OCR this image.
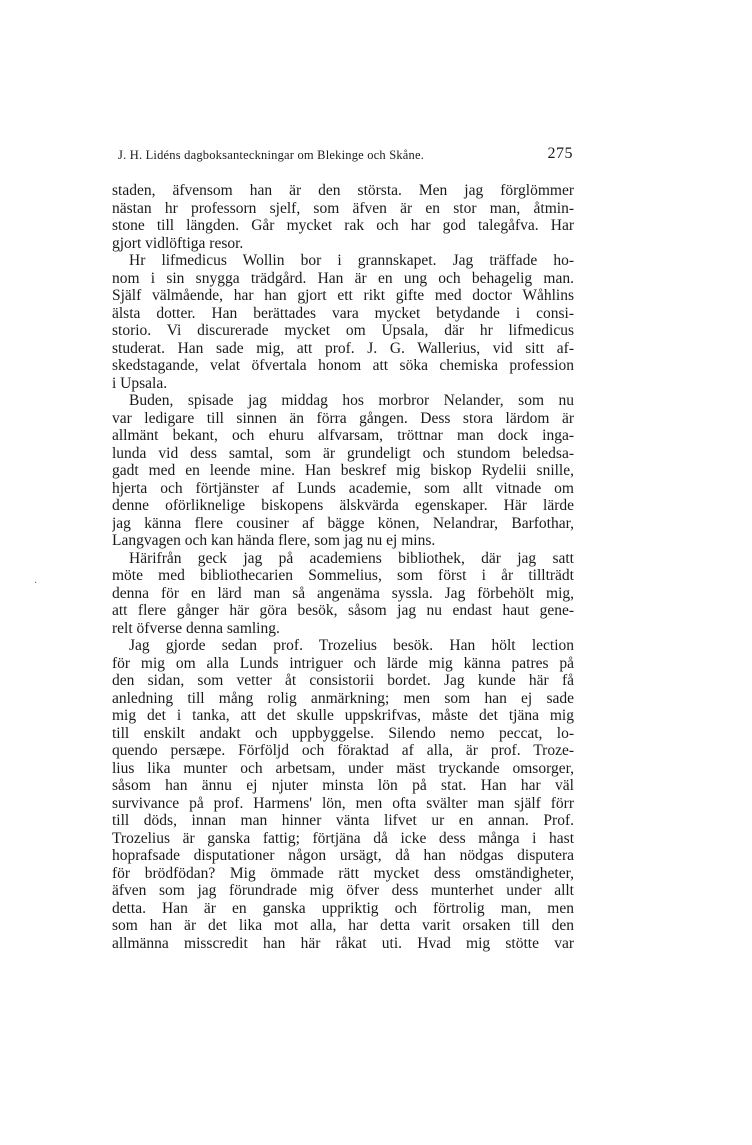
J. H. Lidéns dagboksanteckningar om Blekinge och Skåne.	275
·
staden, äfvensom han är den största. Men jag förglömmer
nästan hr professorn sjelf, som äfven är en stor man, åtmin-
stone till längden. Går mycket rak och har god talegåfva. Har
gjort vidlöftiga resor.
Hr lifmedicus Wollin bor i grannskapet. Jag träffade ho-
nom i sin snygga trädgård. Han är en ung och behagelig man.
Själf välmående, har han gjort ett rikt gifte med doctor Wåhlins
älsta dotter. Han berättades vara mycket betydande i consi-
storio. Vi discurerade mycket om Upsala, där hr lifmedicus
studerat. Han sade mig, att prof. J. G. Wallerius, vid sitt af-
skedstagande, velat öfvertala honom att söka chemiska profession
i Upsala.
Buden, spisade jag middag hos morbror Nelander, som nu
var ledigare till sinnen än förra gången. Dess stora lärdom är
allmänt bekant, och ehuru alfvarsam, tröttnar man dock inga-
lunda vid dess samtal, som är grundeligt och stundom beledsa-
gadt med en leende mine. Han beskref mig biskop Rydelii snille,
hjerta och förtjänster af Lunds academie, som allt vitnade om
denne oförliknelige biskopens älskvärda egenskaper. Här lärde
jag känna flere cousiner af bägge könen, Nelandrar, Barfothar,
Langvagen och kan hända flere, som jag nu ej mins.
Härifrån geck jag på academiens bibliothek, där jag satt
möte med bibliothecarien Sommelius, som först i år tillträdt
denna för en lärd man så angenäma syssla. Jag förbehölt mig,
att flere gånger här göra besök, såsom jag nu endast haut gene-
relt öfverse denna samling.
Jag gjorde sedan prof. Trozelius besök. Han hölt lection
för mig om alla Lunds intriguer och lärde mig känna patres på
den sidan, som vetter åt consistorii bordet. Jag kunde här få
anledning till mång rolig anmärkning; men som han ej sade
mig det i tanka, att det skulle uppskrifvas, måste det tjäna mig
till enskilt andakt och uppbyggelse. Silendo nemo peccat, lo-
quendo persæpe. Förföljd och föraktad af alla, är prof. Troze-
lius lika munter och arbetsam, under mäst tryckande omsorger,
såsom han ännu ej njuter minsta lön på stat. Han har väl
survivance på prof. Harmens' lön, men ofta svälter man själf förr
till döds, innan man hinner vänta lifvet ur en annan. Prof.
Trozelius är ganska fattig; förtjäna då icke dess många i hast
hoprafsade disputationer någon ursägt, då han nödgas disputera
för brödfödan? Mig ömmade rätt mycket dess omständigheter,
äfven som jag förundrade mig öfver dess munterhet under allt
detta. Han är en ganska uppriktig och förtrolig man, men
som han är det lika mot alla, har detta varit orsaken till den
allmänna misscredit han här råkat uti. Hvad mig stötte var
